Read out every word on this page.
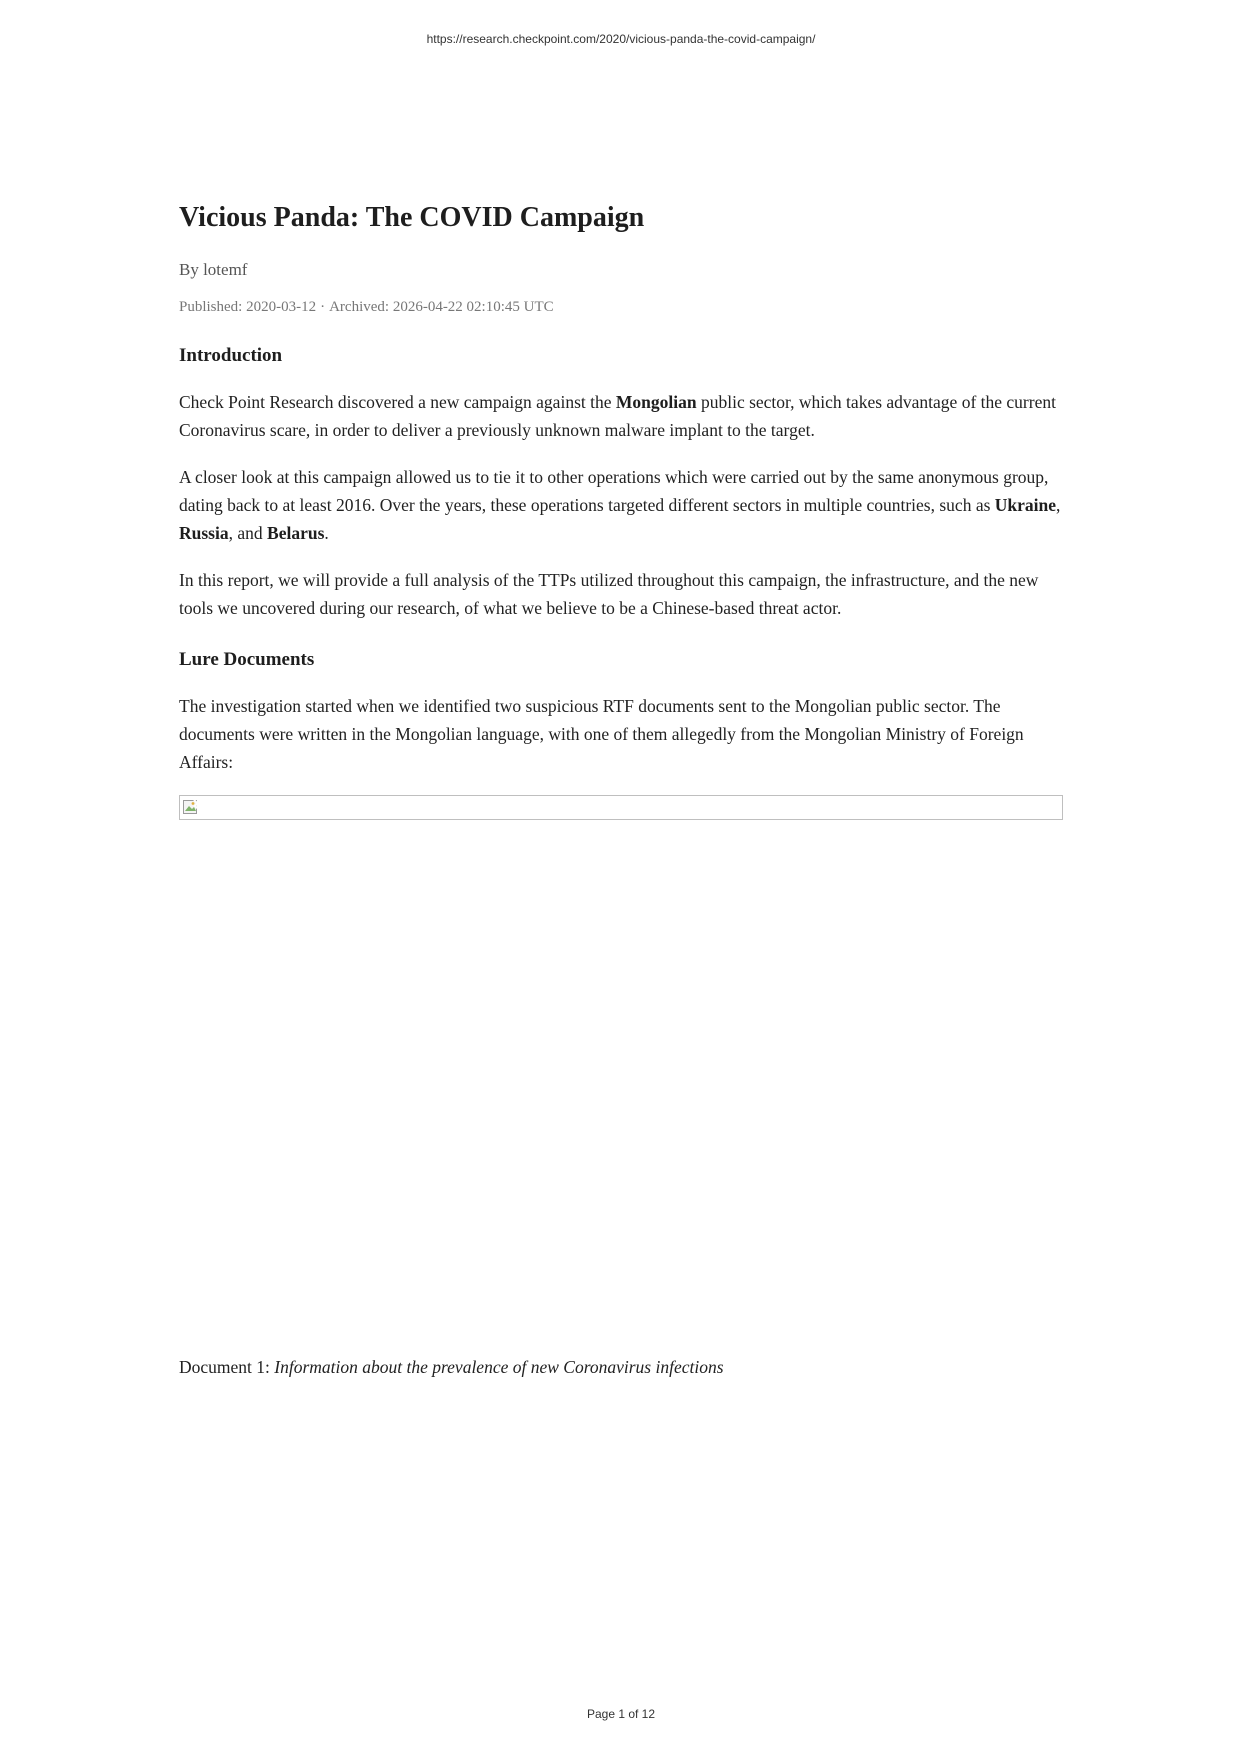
https://research.checkpoint.com/2020/vicious-panda-the-covid-campaign/
Vicious Panda: The COVID Campaign
By lotemf
Published: 2020-03-12 · Archived: 2026-04-22 02:10:45 UTC
Introduction

Check Point Research discovered a new campaign against the Mongolian public sector, which takes advantage of the current Coronavirus scare, in order to deliver a previously unknown malware implant to the target.

A closer look at this campaign allowed us to tie it to other operations which were carried out by the same anonymous group, dating back to at least 2016. Over the years, these operations targeted different sectors in multiple countries, such as Ukraine, Russia, and Belarus.

In this report, we will provide a full analysis of the TTPs utilized throughout this campaign, the infrastructure, and the new tools we uncovered during our research, of what we believe to be a Chinese-based threat actor.

Lure Documents

The investigation started when we identified two suspicious RTF documents sent to the Mongolian public sector. The documents were written in the Mongolian language, with one of them allegedly from the Mongolian Ministry of Foreign Affairs:

Document 1: Information about the prevalence of new Coronavirus infections
Page 1 of 12
